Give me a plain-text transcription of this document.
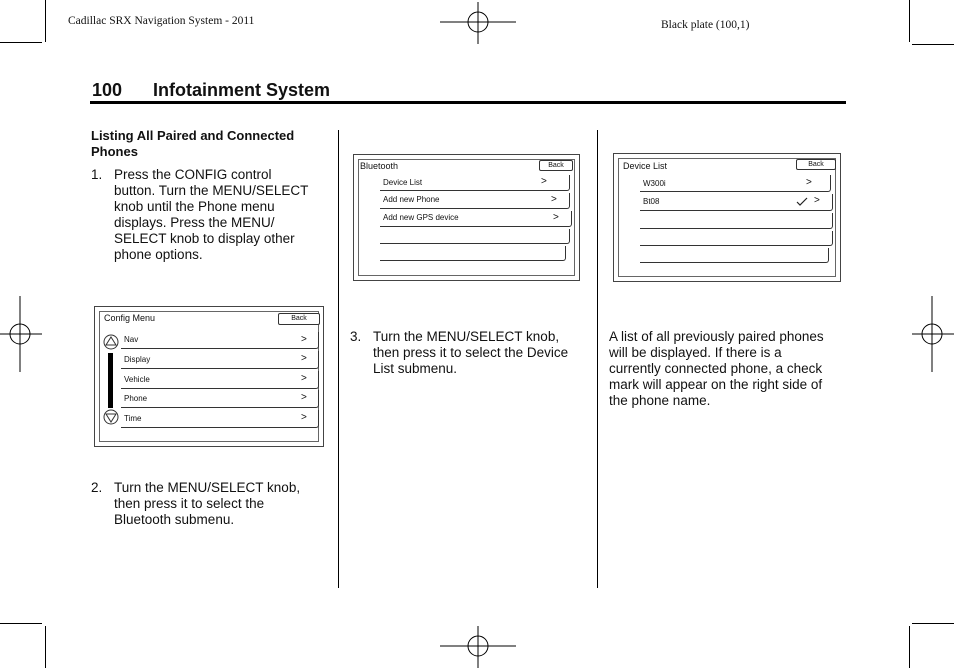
Cadillac SRX Navigation System - 2011	Black plate (100,1)
100 Infotainment System
Listing All Paired and Connected Phones
1. Press the CONFIG control
button. Turn the MENU/SELECT
knob until the Phone menu
displays. Press the MENU/
SELECT knob to display other
phone options.
Config Menu	Back
Nav	>
Display	>
Vehicle	>
Phone	>
Time	>
2. Turn the MENU/SELECT knob,
then press it to select the
Bluetooth submenu.
Bluetooth	Back
Device List	>
Add new Phone	>
Add new GPS device	>
3. Turn the MENU/SELECT knob,
then press it to select the Device
List submenu.
Device List	Back
W300i	>
Bt08	>
A list of all previously paired phones
will be displayed. If there is a
currently connected phone, a check
mark will appear on the right side of
the phone name.
